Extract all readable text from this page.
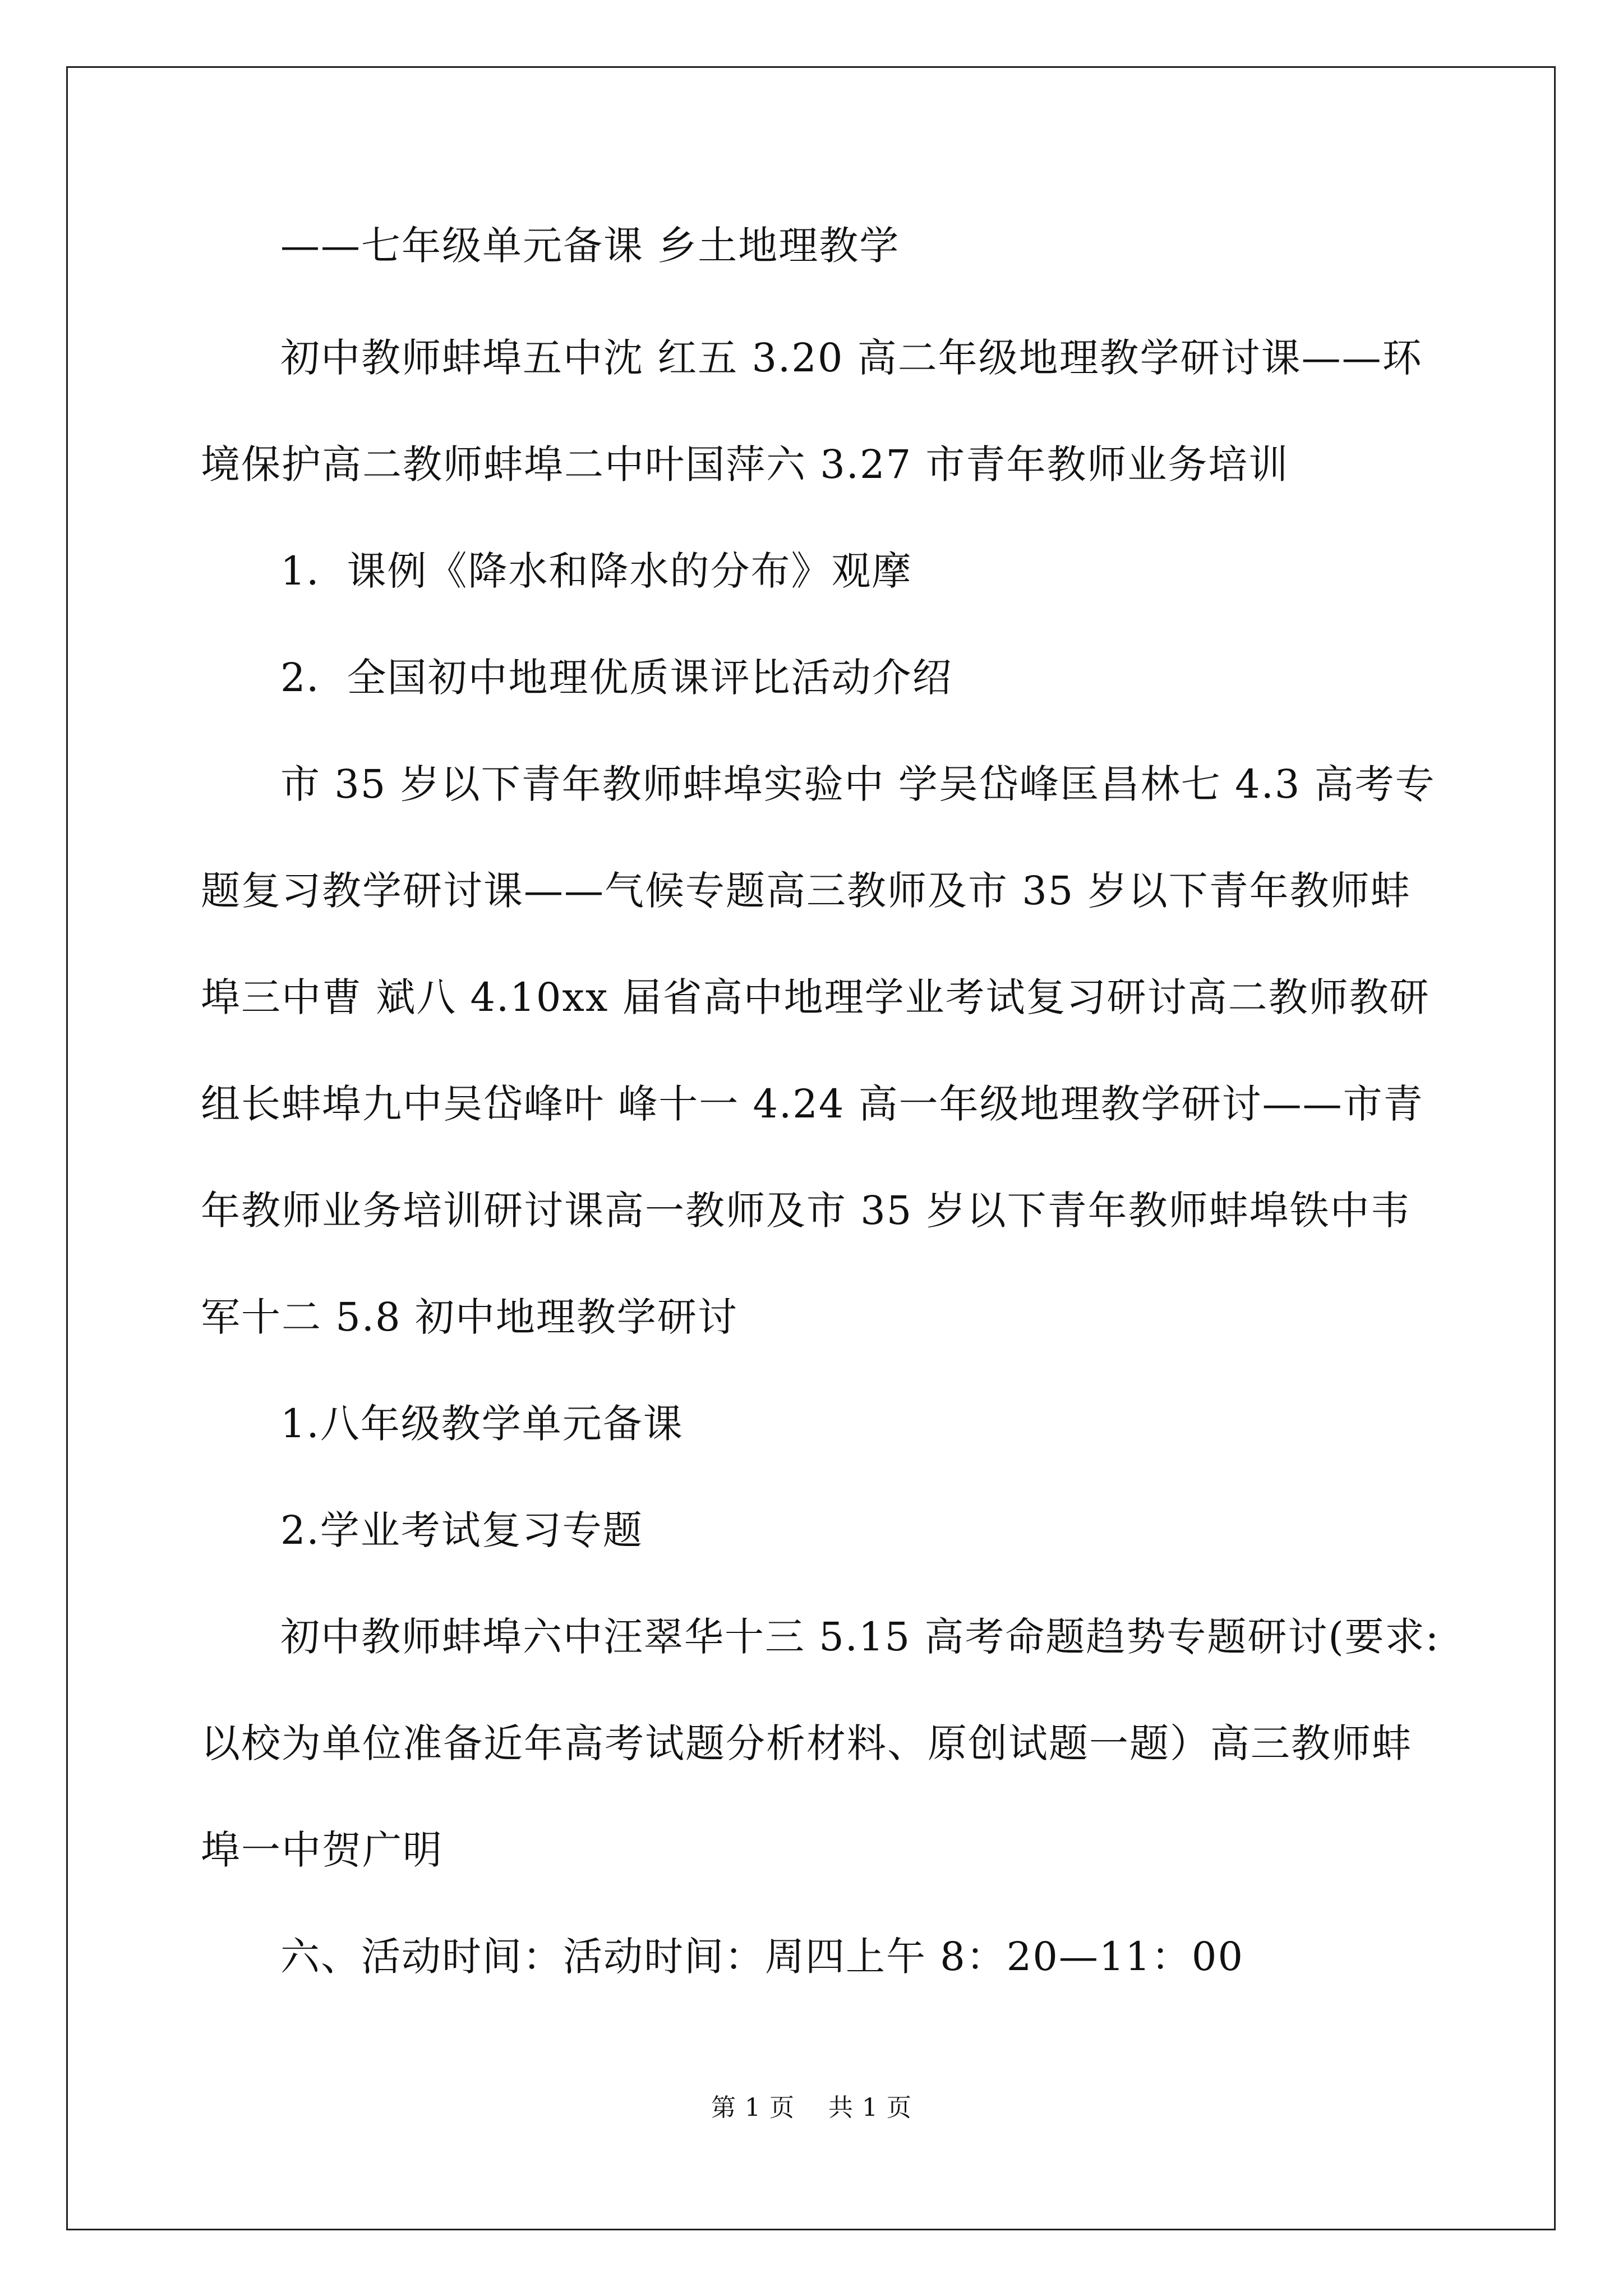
——七年级单元备课 乡土地理教学
初中教师蚌埠五中沈 红五 3.20 高二年级地理教学研讨课——环
境保护高二教师蚌埠二中叶国萍六 3.27 市青年教师业务培训
1．课例《降水和降水的分布》观摩
2．全国初中地理优质课评比活动介绍
市 35 岁以下青年教师蚌埠实验中 学吴岱峰匡昌林七 4.3 高考专
题复习教学研讨课——气候专题高三教师及市 35 岁以下青年教师蚌
埠三中曹 斌八 4.10xx 届省高中地理学业考试复习研讨高二教师教研
组长蚌埠九中吴岱峰叶 峰十一 4.24 高一年级地理教学研讨——市青
年教师业务培训研讨课高一教师及市 35 岁以下青年教师蚌埠铁中韦
军十二 5.8 初中地理教学研讨
1.八年级教学单元备课
2.学业考试复习专题
初中教师蚌埠六中汪翠华十三 5.15 高考命题趋势专题研讨(要求:
以校为单位准备近年高考试题分析材料、原创试题一题）高三教师蚌
埠一中贺广明
六、活动时间：活动时间：周四上午 8：20—11：00
第 1 页 共 1 页
